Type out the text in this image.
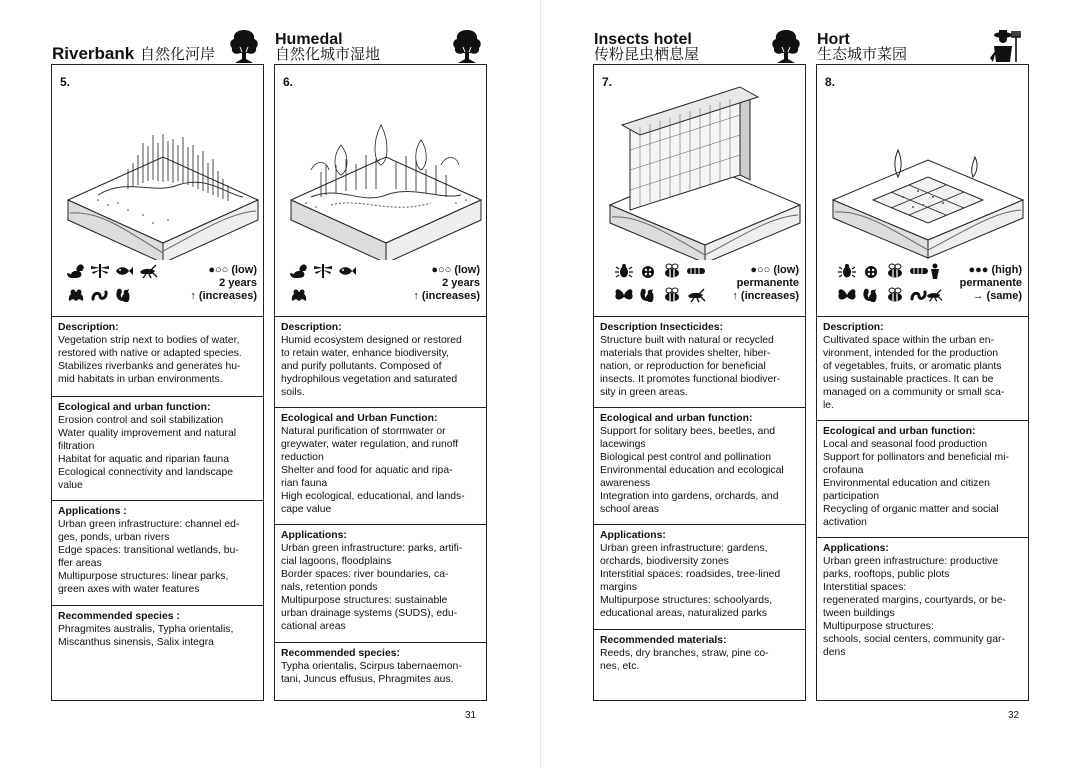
Riverbank 自然化河岸
5.
●○○ (low)
2 years
↑ (increases)
Description:
Vegetation strip next to bodies of water,
restored with native or adapted species.
Stabilizes riverbanks and generates hu-
mid habitats in urban environments.
Ecological and urban function:
Erosion control and soil stabilization
Water quality improvement and natural
filtration
Habitat for aquatic and riparian fauna
Ecological connectivity and landscape
value
Applications :
Urban green infrastructure: channel ed-
ges, ponds, urban rivers
Edge spaces: transitional wetlands, bu-
ffer areas
Multipurpose structures: linear parks,
green axes with water features
Recommended species :
Phragmites australis, Typha orientalis,
Miscanthus sinensis, Salix integra
Humedal
自然化城市湿地
6.
●○○ (low)
2 years
↑ (increases)
Description:
Humid ecosystem designed or restored
to retain water, enhance biodiversity,
and purify pollutants. Composed of
hydrophilous vegetation and saturated
soils.
Ecological and Urban Function:
Natural purification of stormwater or
greywater, water regulation, and runoff
reduction
Shelter and food for aquatic and ripa-
rian fauna
High ecological, educational, and lands-
cape value
Applications:
Urban green infrastructure: parks, artifi-
cial lagoons, floodplains
Border spaces: river boundaries, ca-
nals, retention ponds
Multipurpose structures: sustainable
urban drainage systems (SUDS), edu-
cational areas
Recommended species:
Typha orientalis, Scirpus tabernaemon-
tani, Juncus effusus, Phragmites aus.
31
Insects hotel
传粉昆虫栖息屋
7.
●○○ (low)
permanente
↑ (increases)
Description Insecticides:
Structure built with natural or recycled
materials that provides shelter, hiber-
nation, or reproduction for beneficial
insects. It promotes functional biodiver-
sity in green areas.
Ecological and urban function:
Support for solitary bees, beetles, and
lacewings
Biological pest control and pollination
Environmental education and ecological
awareness
Integration into gardens, orchards, and
school areas
Applications:
Urban green infrastructure: gardens,
orchards, biodiversity zones
Interstitial spaces: roadsides, tree-lined
margins
Multipurpose structures: schoolyards,
educational areas, naturalized parks
Recommended materials:
Reeds, dry branches, straw, pine co-
nes, etc.
Hort
生态城市菜园
8.
●●● (high)
permanente
→ (same)
Description:
Cultivated space within the urban en-
vironment, intended for the production
of vegetables, fruits, or aromatic plants
using sustainable practices. It can be
managed on a community or small sca-
le.
Ecological and urban function:
Local and seasonal food production
Support for pollinators and beneficial mi-
crofauna
Environmental education and citizen
participation
Recycling of organic matter and social
activation
Applications:
Urban green infrastructure: productive
parks, rooftops, public plots
Interstitial spaces:
regenerated margins, courtyards, or be-
tween buildings
Multipurpose structures:
schools, social centers, community gar-
dens
32
